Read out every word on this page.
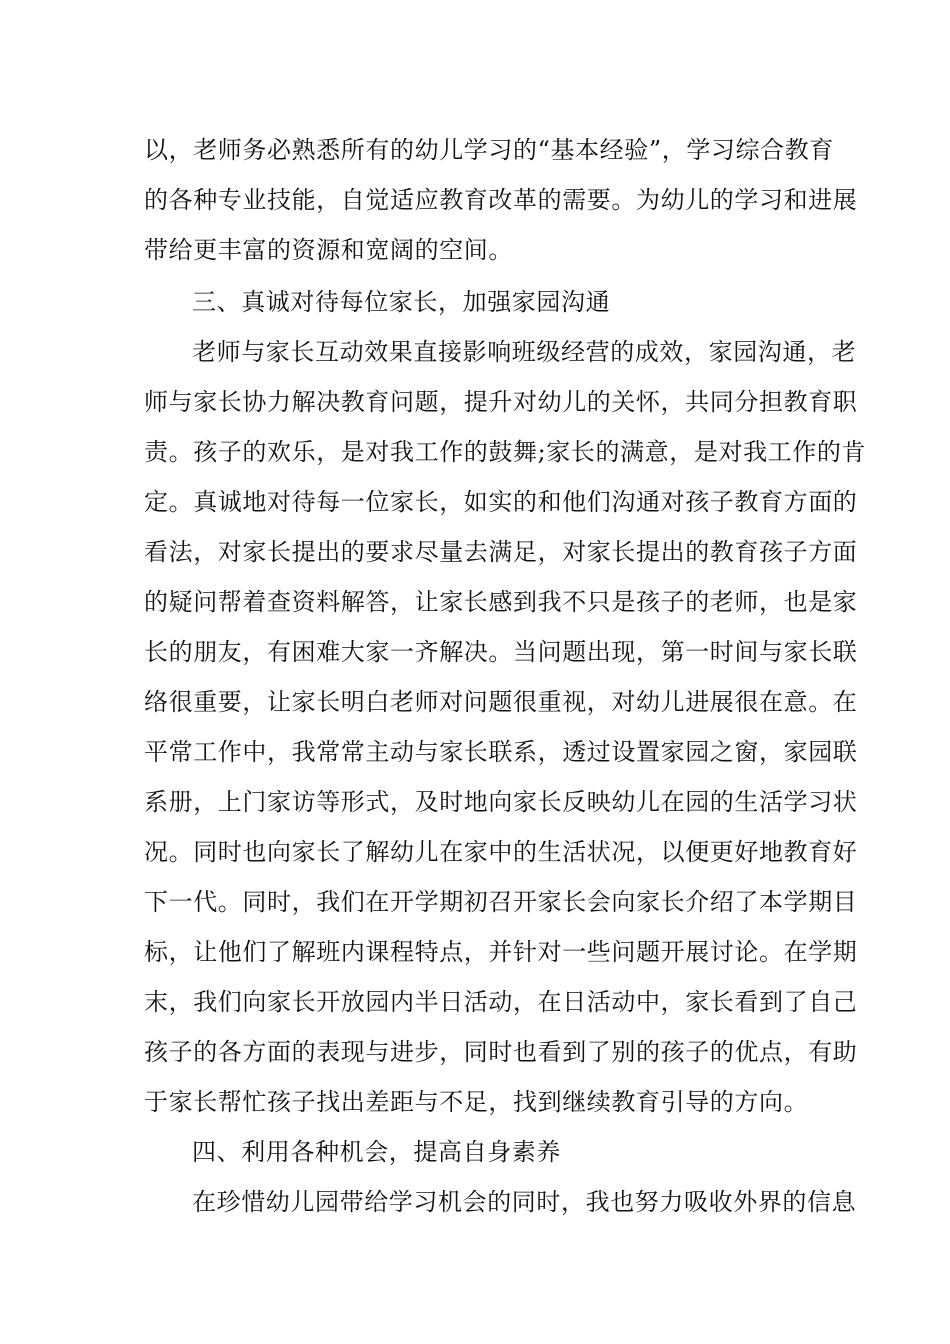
以，老师务必熟悉所有的幼儿学习的“基本经验”，学习综合教育
的各种专业技能，自觉适应教育改革的需要。为幼儿的学习和进展
带给更丰富的资源和宽阔的空间。
三、真诚对待每位家长，加强家园沟通
老师与家长互动效果直接影响班级经营的成效，家园沟通，老
师与家长协力解决教育问题，提升对幼儿的关怀，共同分担教育职
责。孩子的欢乐，是对我工作的鼓舞;家长的满意，是对我工作的肯
定。真诚地对待每一位家长，如实的和他们沟通对孩子教育方面的
看法，对家长提出的要求尽量去满足，对家长提出的教育孩子方面
的疑问帮着查资料解答，让家长感到我不只是孩子的老师，也是家
长的朋友，有困难大家一齐解决。当问题出现，第一时间与家长联
络很重要，让家长明白老师对问题很重视，对幼儿进展很在意。在
平常工作中，我常常主动与家长联系，透过设置家园之窗，家园联
系册，上门家访等形式，及时地向家长反映幼儿在园的生活学习状
况。同时也向家长了解幼儿在家中的生活状况，以便更好地教育好
下一代。同时，我们在开学期初召开家长会向家长介绍了本学期目
标，让他们了解班内课程特点，并针对一些问题开展讨论。在学期
末，我们向家长开放园内半日活动，在日活动中，家长看到了自己
孩子的各方面的表现与进步，同时也看到了别的孩子的优点，有助
于家长帮忙孩子找出差距与不足，找到继续教育引导的方向。
四、利用各种机会，提高自身素养
在珍惜幼儿园带给学习机会的同时，我也努力吸收外界的信息
